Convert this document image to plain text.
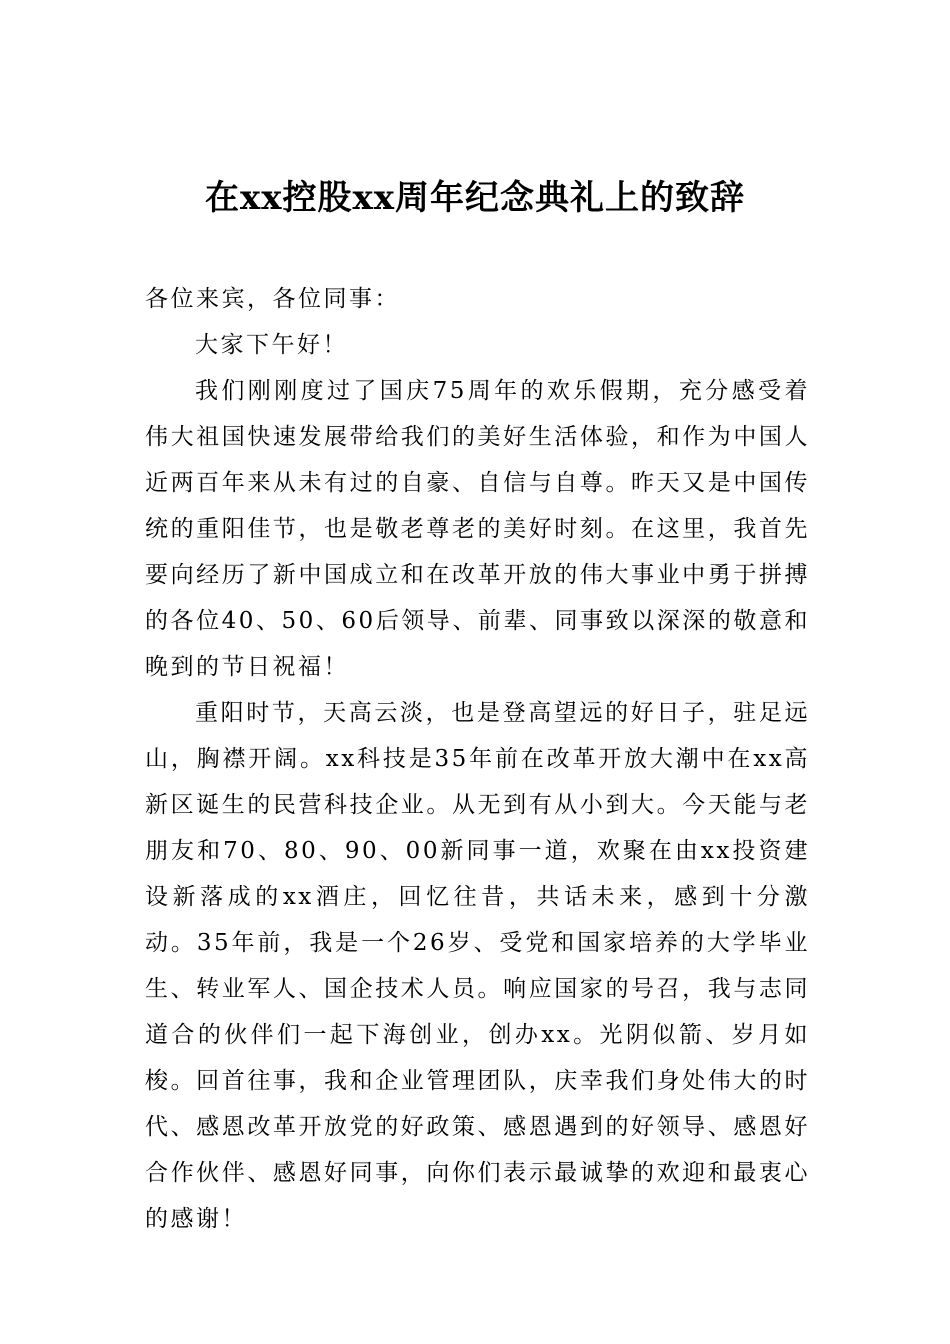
在xx控股xx周年纪念典礼上的致辞

各位来宾，各位同事：

大家下午好！

我们刚刚度过了国庆75周年的欢乐假期，充分感受着伟大祖国快速发展带给我们的美好生活体验，和作为中国人近两百年来从未有过的自豪、自信与自尊。昨天又是中国传统的重阳佳节，也是敬老尊老的美好时刻。在这里，我首先要向经历了新中国成立和在改革开放的伟大事业中勇于拼搏的各位40、50、60后领导、前辈、同事致以深深的敬意和晚到的节日祝福！

重阳时节，天高云淡，也是登高望远的好日子，驻足远山，胸襟开阔。xx科技是35年前在改革开放大潮中在xx高新区诞生的民营科技企业。从无到有从小到大。今天能与老朋友和70、80、90、00新同事一道，欢聚在由xx投资建设新落成的xx酒庄，回忆往昔，共话未来，感到十分激动。35年前，我是一个26岁、受党和国家培养的大学毕业生、转业军人、国企技术人员。响应国家的号召，我与志同道合的伙伴们一起下海创业，创办xx。光阴似箭、岁月如梭。回首往事，我和企业管理团队，庆幸我们身处伟大的时代、感恩改革开放党的好政策、感恩遇到的好领导、感恩好合作伙伴、感恩好同事，向你们表示最诚挚的欢迎和最衷心的感谢！
